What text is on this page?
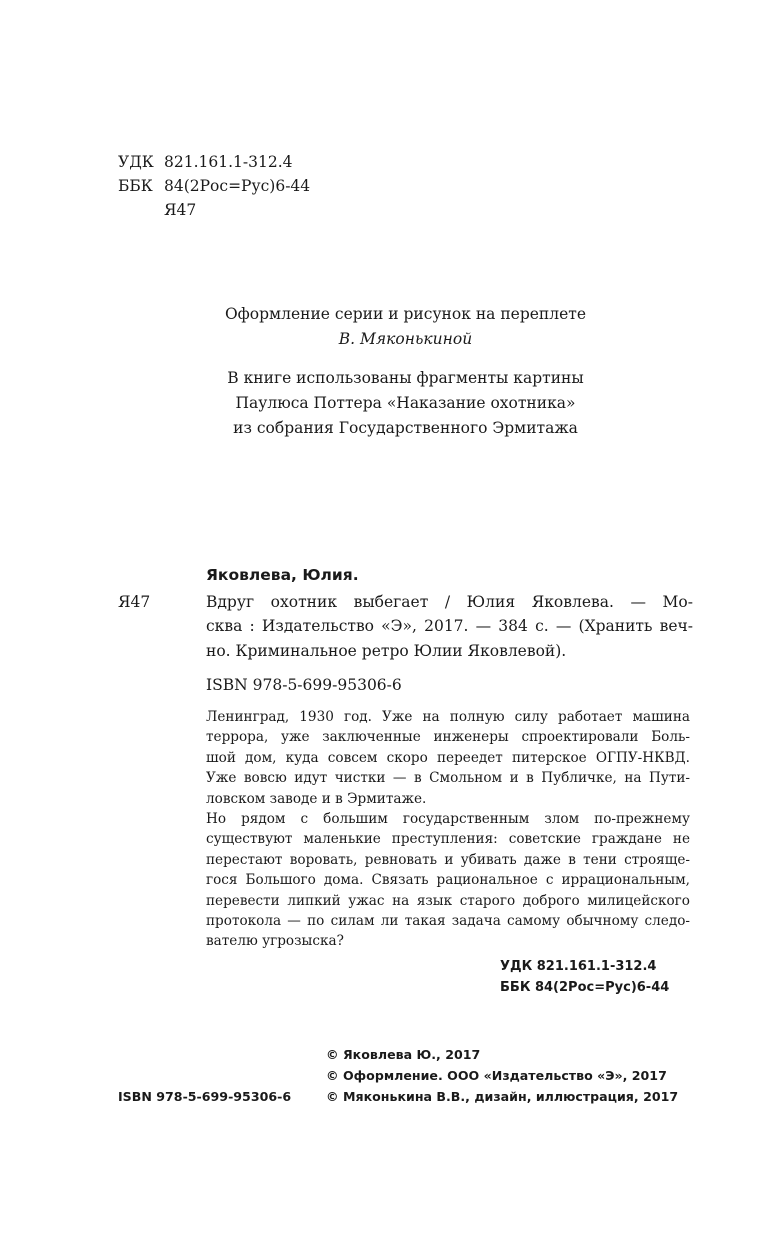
УДК 821.161.1-312.4
ББК 84(2Рос=Рус)6-44
Я47
Оформление серии и рисунок на переплете
В. Мяконькиной
В книге использованы фрагменты картины
Паулюса Поттера «Наказание охотника»
из собрания Государственного Эрмитажа
Яковлева, Юлия.
Я47	Вдруг охотник выбегает / Юлия Яковлева. — Мо-
сква : Издательство «Э», 2017. — 384 с. — (Хранить веч-
но. Криминальное ретро Юлии Яковлевой).
ISBN 978-5-699-95306-6

Ленинград, 1930 год. Уже на полную силу работает машина
террора, уже заключенные инженеры спроектировали Боль-
шой дом, куда совсем скоро переедет питерское ОГПУ-НКВД.
Уже вовсю идут чистки — в Смольном и в Публичке, на Пути-
ловском заводе и в Эрмитаже.

Но рядом с большим государственным злом по-прежнему
существуют маленькие преступления: советские граждане не
перестают воровать, ревновать и убивать даже в тени строяще-
гося Большого дома. Связать рациональное с иррациональным,
перевести липкий ужас на язык старого доброго милицейского
протокола — по силам ли такая задача самому обычному следо-
вателю угрозыска?

УДК 821.161.1-312.4
ББК 84(2Рос=Рус)6-44
© Яковлева Ю., 2017
© Оформление. ООО «Издательство «Э», 2017
© Мяконькина В.В., дизайн, иллюстрация, 2017
ISBN 978-5-699-95306-6
